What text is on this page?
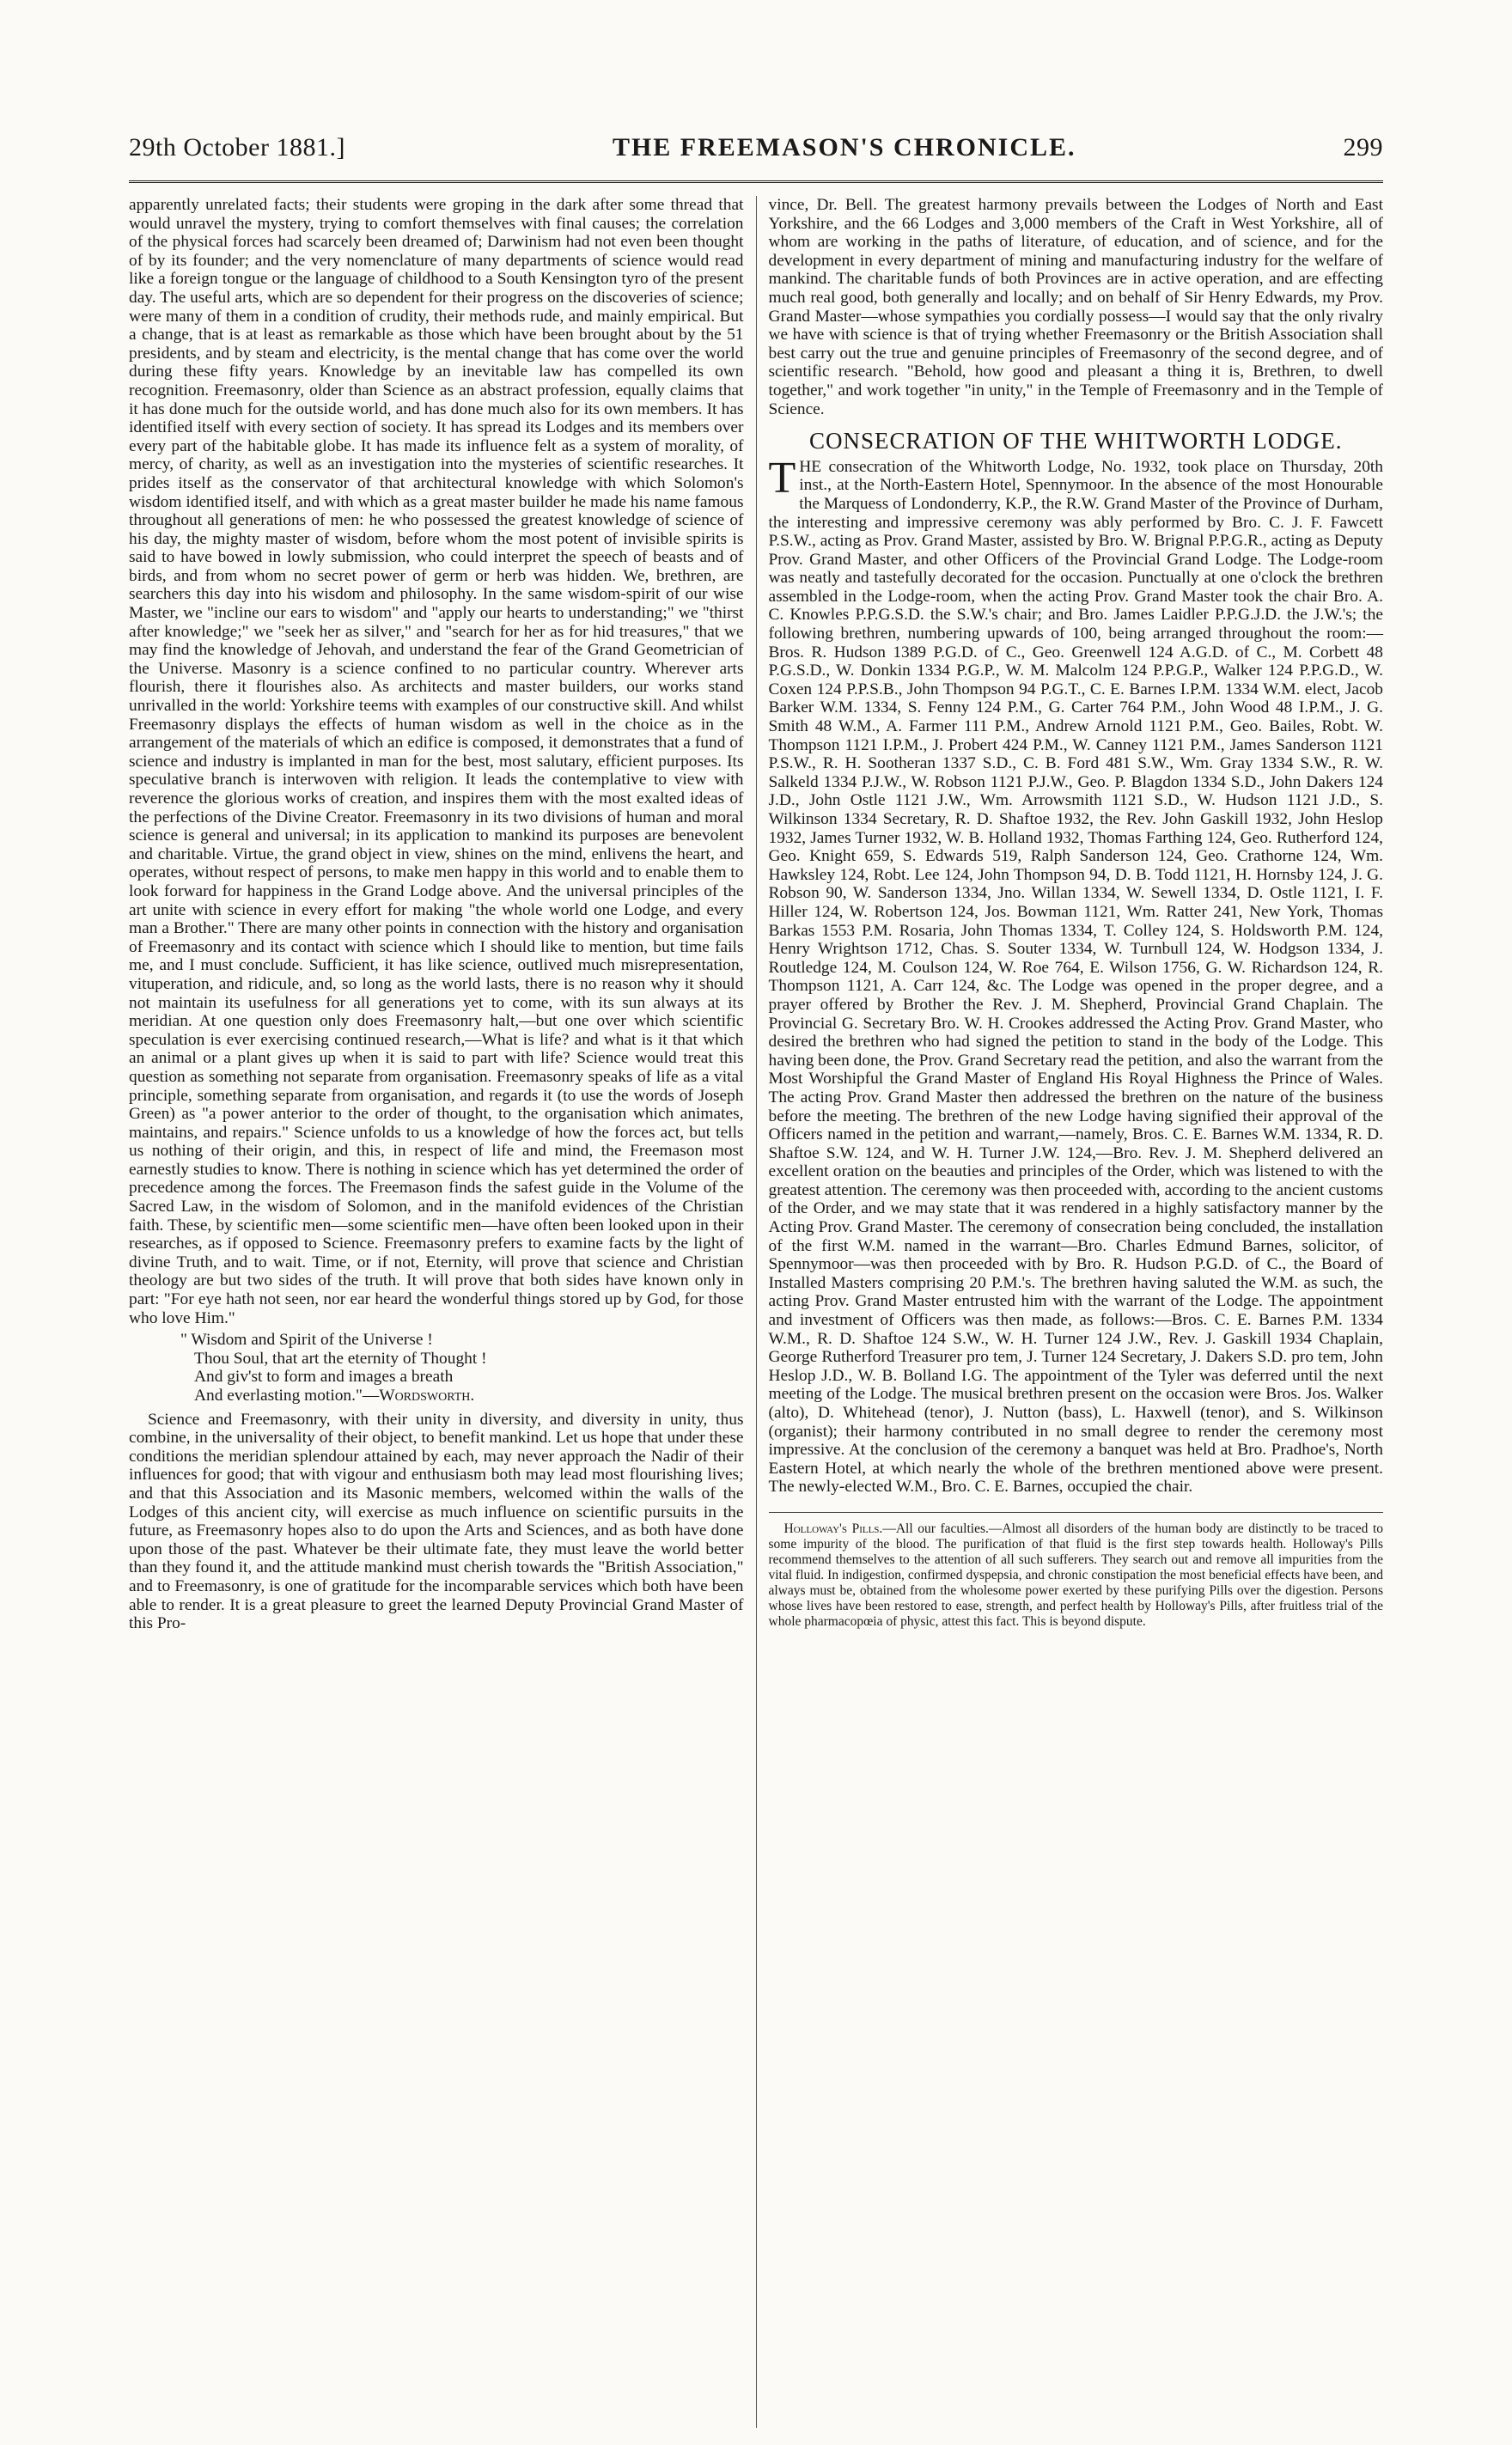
29th October 1881.]	THE FREEMASON'S CHRONICLE.	299

apparently unrelated facts; their students were groping in the dark after some thread that would unravel the mystery, trying to comfort themselves with final causes; the correlation of the physical forces had scarcely been dreamed of; Darwinism had not even been thought of by its founder; and the very nomenclature of many departments of science would read like a foreign tongue or the language of childhood to a South Kensington tyro of the present day. The useful arts, which are so dependent for their progress on the discoveries of science; were many of them in a condition of crudity, their methods rude, and mainly empirical. But a change, that is at least as remarkable as those which have been brought about by the 51 presidents, and by steam and electricity, is the mental change that has come over the world during these fifty years. Knowledge by an inevitable law has compelled its own recognition. Freemasonry, older than Science as an abstract profession, equally claims that it has done much for the outside world, and has done much also for its own members. It has identified itself with every section of society. It has spread its Lodges and its members over every part of the habitable globe. It has made its influence felt as a system of morality, of mercy, of charity, as well as an investigation into the mysteries of scientific researches. It prides itself as the conservator of that architectural knowledge with which Solomon's wisdom identified itself, and with which as a great master builder he made his name famous throughout all generations of men: he who possessed the greatest knowledge of science of his day, the mighty master of wisdom, before whom the most potent of invisible spirits is said to have bowed in lowly submission, who could interpret the speech of beasts and of birds, and from whom no secret power of germ or herb was hidden. We, brethren, are searchers this day into his wisdom and philosophy. In the same wisdom-spirit of our wise Master, we "incline our ears to wisdom" and "apply our hearts to understanding;" we "thirst after knowledge;" we "seek her as silver," and "search for her as for hid treasures," that we may find the knowledge of Jehovah, and understand the fear of the Grand Geometrician of the Universe. Masonry is a science confined to no particular country. Wherever arts flourish, there it flourishes also. As architects and master builders, our works stand unrivalled in the world: Yorkshire teems with examples of our constructive skill. And whilst Freemasonry displays the effects of human wisdom as well in the choice as in the arrangement of the materials of which an edifice is composed, it demonstrates that a fund of science and industry is implanted in man for the best, most salutary, efficient purposes. Its speculative branch is interwoven with religion. It leads the contemplative to view with reverence the glorious works of creation, and inspires them with the most exalted ideas of the perfections of the Divine Creator. Freemasonry in its two divisions of human and moral science is general and universal; in its application to mankind its purposes are benevolent and charitable. Virtue, the grand object in view, shines on the mind, enlivens the heart, and operates, without respect of persons, to make men happy in this world and to enable them to look forward for happiness in the Grand Lodge above. And the universal principles of the art unite with science in every effort for making "the whole world one Lodge, and every man a Brother." There are many other points in connection with the history and organisation of Freemasonry and its contact with science which I should like to mention, but time fails me, and I must conclude. Sufficient, it has like science, outlived much misrepresentation, vituperation, and ridicule, and, so long as the world lasts, there is no reason why it should not maintain its usefulness for all generations yet to come, with its sun always at its meridian. At one question only does Freemasonry halt,—but one over which scientific speculation is ever exercising continued research,—What is life? and what is it that which an animal or a plant gives up when it is said to part with life? Science would treat this question as something not separate from organisation. Freemasonry speaks of life as a vital principle, something separate from organisation, and regards it (to use the words of Joseph Green) as "a power anterior to the order of thought, to the organisation which animates, maintains, and repairs." Science unfolds to us a knowledge of how the forces act, but tells us nothing of their origin, and this, in respect of life and mind, the Freemason most earnestly studies to know. There is nothing in science which has yet determined the order of precedence among the forces. The Freemason finds the safest guide in the Volume of the Sacred Law, in the wisdom of Solomon, and in the manifold evidences of the Christian faith. These, by scientific men—some scientific men—have often been looked upon in their researches, as if opposed to Science. Freemasonry prefers to examine facts by the light of divine Truth, and to wait. Time, or if not, Eternity, will prove that science and Christian theology are but two sides of the truth. It will prove that both sides have known only in part: "For eye hath not seen, nor ear heard the wonderful things stored up by God, for those who love Him."

" Wisdom and Spirit of the Universe !
Thou Soul, that art the eternity of Thought !
And giv'st to form and images a breath
And everlasting motion."—Wordsworth.

Science and Freemasonry, with their unity in diversity, and diversity in unity, thus combine, in the universality of their object, to benefit mankind. Let us hope that under these conditions the meridian splendour attained by each, may never approach the Nadir of their influences for good; that with vigour and enthusiasm both may lead most flourishing lives; and that this Association and its Masonic members, welcomed within the walls of the Lodges of this ancient city, will exercise as much influence on scientific pursuits in the future, as Freemasonry hopes also to do upon the Arts and Sciences, and as both have done upon those of the past. Whatever be their ultimate fate, they must leave the world better than they found it, and the attitude mankind must cherish towards the "British Association," and to Freemasonry, is one of gratitude for the incomparable services which both have been able to render. It is a great pleasure to greet the learned Deputy Provincial Grand Master of this Pro-

vince, Dr. Bell. The greatest harmony prevails between the Lodges of North and East Yorkshire, and the 66 Lodges and 3,000 members of the Craft in West Yorkshire, all of whom are working in the paths of literature, of education, and of science, and for the development in every department of mining and manufacturing industry for the welfare of mankind. The charitable funds of both Provinces are in active operation, and are effecting much real good, both generally and locally; and on behalf of Sir Henry Edwards, my Prov. Grand Master—whose sympathies you cordially possess—I would say that the only rivalry we have with science is that of trying whether Freemasonry or the British Association shall best carry out the true and genuine principles of Freemasonry of the second degree, and of scientific research. "Behold, how good and pleasant a thing it is, Brethren, to dwell together," and work together "in unity," in the Temple of Freemasonry and in the Temple of Science.

CONSECRATION OF THE WHITWORTH LODGE.

THE consecration of the Whitworth Lodge, No. 1932, took place on Thursday, 20th inst., at the North-Eastern Hotel, Spennymoor. In the absence of the most Honourable the Marquess of Londonderry, K.P., the R.W. Grand Master of the Province of Durham, the interesting and impressive ceremony was ably performed by Bro. C. J. F. Fawcett P.S.W., acting as Prov. Grand Master, assisted by Bro. W. Brignal P.P.G.R., acting as Deputy Prov. Grand Master, and other Officers of the Provincial Grand Lodge. The Lodge-room was neatly and tastefully decorated for the occasion. Punctually at one o'clock the brethren assembled in the Lodge-room, when the acting Prov. Grand Master took the chair Bro. A. C. Knowles P.P.G.S.D. the S.W.'s chair; and Bro. James Laidler P.P.G.J.D. the J.W.'s; the following brethren, numbering upwards of 100, being arranged throughout the room:—Bros. R. Hudson 1389 P.G.D. of C., Geo. Greenwell 124 A.G.D. of C., M. Corbett 48 P.G.S.D., W. Donkin 1334 P.G.P., W. M. Malcolm 124 P.P.G.P., Walker 124 P.P.G.D., W. Coxen 124 P.P.S.B., John Thompson 94 P.G.T., C. E. Barnes I.P.M. 1334 W.M. elect, Jacob Barker W.M. 1334, S. Fenny 124 P.M., G. Carter 764 P.M., John Wood 48 I.P.M., J. G. Smith 48 W.M., A. Farmer 111 P.M., Andrew Arnold 1121 P.M., Geo. Bailes, Robt. W. Thompson 1121 I.P.M., J. Probert 424 P.M., W. Canney 1121 P.M., James Sanderson 1121 P.S.W., R. H. Sootheran 1337 S.D., C. B. Ford 481 S.W., Wm. Gray 1334 S.W., R. W. Salkeld 1334 P.J.W., W. Robson 1121 P.J.W., Geo. P. Blagdon 1334 S.D., John Dakers 124 J.D., John Ostle 1121 J.W., Wm. Arrowsmith 1121 S.D., W. Hudson 1121 J.D., S. Wilkinson 1334 Secretary, R. D. Shaftoe 1932, the Rev. John Gaskill 1932, John Heslop 1932, James Turner 1932, W. B. Holland 1932, Thomas Farthing 124, Geo. Rutherford 124, Geo. Knight 659, S. Edwards 519, Ralph Sanderson 124, Geo. Crathorne 124, Wm. Hawksley 124, Robt. Lee 124, John Thompson 94, D. B. Todd 1121, H. Hornsby 124, J. G. Robson 90, W. Sanderson 1334, Jno. Willan 1334, W. Sewell 1334, D. Ostle 1121, I. F. Hiller 124, W. Robertson 124, Jos. Bowman 1121, Wm. Ratter 241, New York, Thomas Barkas 1553 P.M. Rosaria, John Thomas 1334, T. Colley 124, S. Holdsworth P.M. 124, Henry Wrightson 1712, Chas. S. Souter 1334, W. Turnbull 124, W. Hodgson 1334, J. Routledge 124, M. Coulson 124, W. Roe 764, E. Wilson 1756, G. W. Richardson 124, R. Thompson 1121, A. Carr 124, &c. The Lodge was opened in the proper degree, and a prayer offered by Brother the Rev. J. M. Shepherd, Provincial Grand Chaplain. The Provincial G. Secretary Bro. W. H. Crookes addressed the Acting Prov. Grand Master, who desired the brethren who had signed the petition to stand in the body of the Lodge. This having been done, the Prov. Grand Secretary read the petition, and also the warrant from the Most Worshipful the Grand Master of England His Royal Highness the Prince of Wales. The acting Prov. Grand Master then addressed the brethren on the nature of the business before the meeting. The brethren of the new Lodge having signified their approval of the Officers named in the petition and warrant,—namely, Bros. C. E. Barnes W.M. 1334, R. D. Shaftoe S.W. 124, and W. H. Turner J.W. 124,—Bro. Rev. J. M. Shepherd delivered an excellent oration on the beauties and principles of the Order, which was listened to with the greatest attention. The ceremony was then proceeded with, according to the ancient customs of the Order, and we may state that it was rendered in a highly satisfactory manner by the Acting Prov. Grand Master. The ceremony of consecration being concluded, the installation of the first W.M. named in the warrant—Bro. Charles Edmund Barnes, solicitor, of Spennymoor—was then proceeded with by Bro. R. Hudson P.G.D. of C., the Board of Installed Masters comprising 20 P.M.'s. The brethren having saluted the W.M. as such, the acting Prov. Grand Master entrusted him with the warrant of the Lodge. The appointment and investment of Officers was then made, as follows:—Bros. C. E. Barnes P.M. 1334 W.M., R. D. Shaftoe 124 S.W., W. H. Turner 124 J.W., Rev. J. Gaskill 1934 Chaplain, George Rutherford Treasurer pro tem, J. Turner 124 Secretary, J. Dakers S.D. pro tem, John Heslop J.D., W. B. Bolland I.G. The appointment of the Tyler was deferred until the next meeting of the Lodge. The musical brethren present on the occasion were Bros. Jos. Walker (alto), D. Whitehead (tenor), J. Nutton (bass), L. Haxwell (tenor), and S. Wilkinson (organist); their harmony contributed in no small degree to render the ceremony most impressive. At the conclusion of the ceremony a banquet was held at Bro. Pradhoe's, North Eastern Hotel, at which nearly the whole of the brethren mentioned above were present. The newly-elected W.M., Bro. C. E. Barnes, occupied the chair.

Holloway's Pills.—All our faculties.—Almost all disorders of the human body are distinctly to be traced to some impurity of the blood. The purification of that fluid is the first step towards health. Holloway's Pills recommend themselves to the attention of all such sufferers. They search out and remove all impurities from the vital fluid. In indigestion, confirmed dyspepsia, and chronic constipation the most beneficial effects have been, and always must be, obtained from the wholesome power exerted by these purifying Pills over the digestion. Persons whose lives have been restored to ease, strength, and perfect health by Holloway's Pills, after fruitless trial of the whole pharmacopœia of physic, attest this fact. This is beyond dispute.
